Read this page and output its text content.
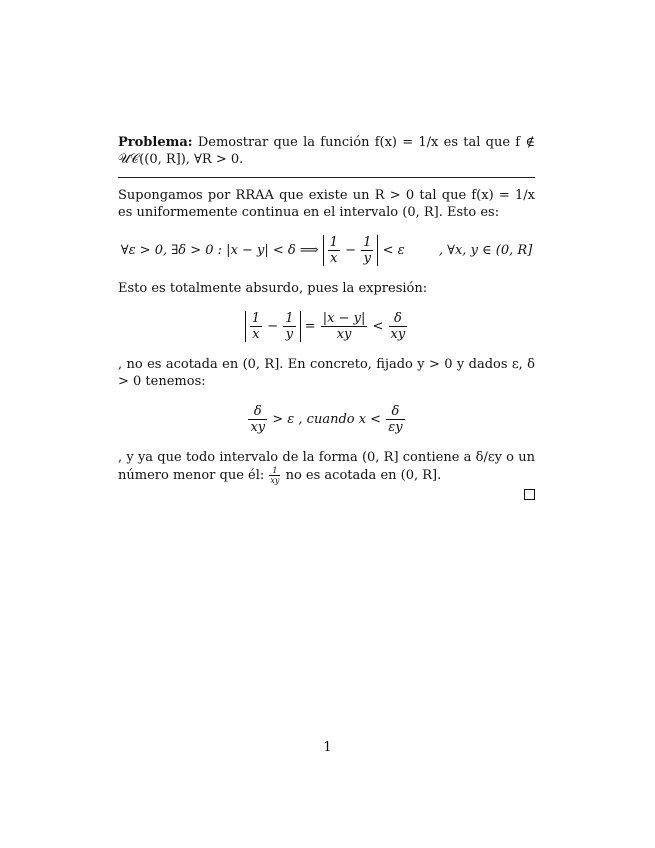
Problema: Demostrar que la función f(x) = 1/x es tal que f ∉ 𝒰𝒞((0, R]), ∀R > 0.
Supongamos por RRAA que existe un R > 0 tal que f(x) = 1/x es uniformemente continua en el intervalo (0, R]. Esto es:
∀ε > 0, ∃δ > 0 : |x − y| < δ ⟹ $\frac{1}{x} - \frac{1}{y} < \varepsilon$	, ∀x, y ∈ (0, R]
Esto es totalmente absurdo, pues la expresión:
$\frac{1}{x} - \frac{1}{y} = \frac{|x - y|}{xy} < \frac{\delta}{xy}$
, no es acotada en (0, R]. En concreto, fijado y > 0 y dados ε, δ > 0 tenemos:
$\frac{\delta}{xy} > \varepsilon$ , cuando $x < \frac{\delta}{\varepsilon y}$
, y ya que todo intervalo de la forma (0, R] contiene a δ/εy o un número menor que él: $\frac{1}{xy}$ no es acotada en (0, R].
1
